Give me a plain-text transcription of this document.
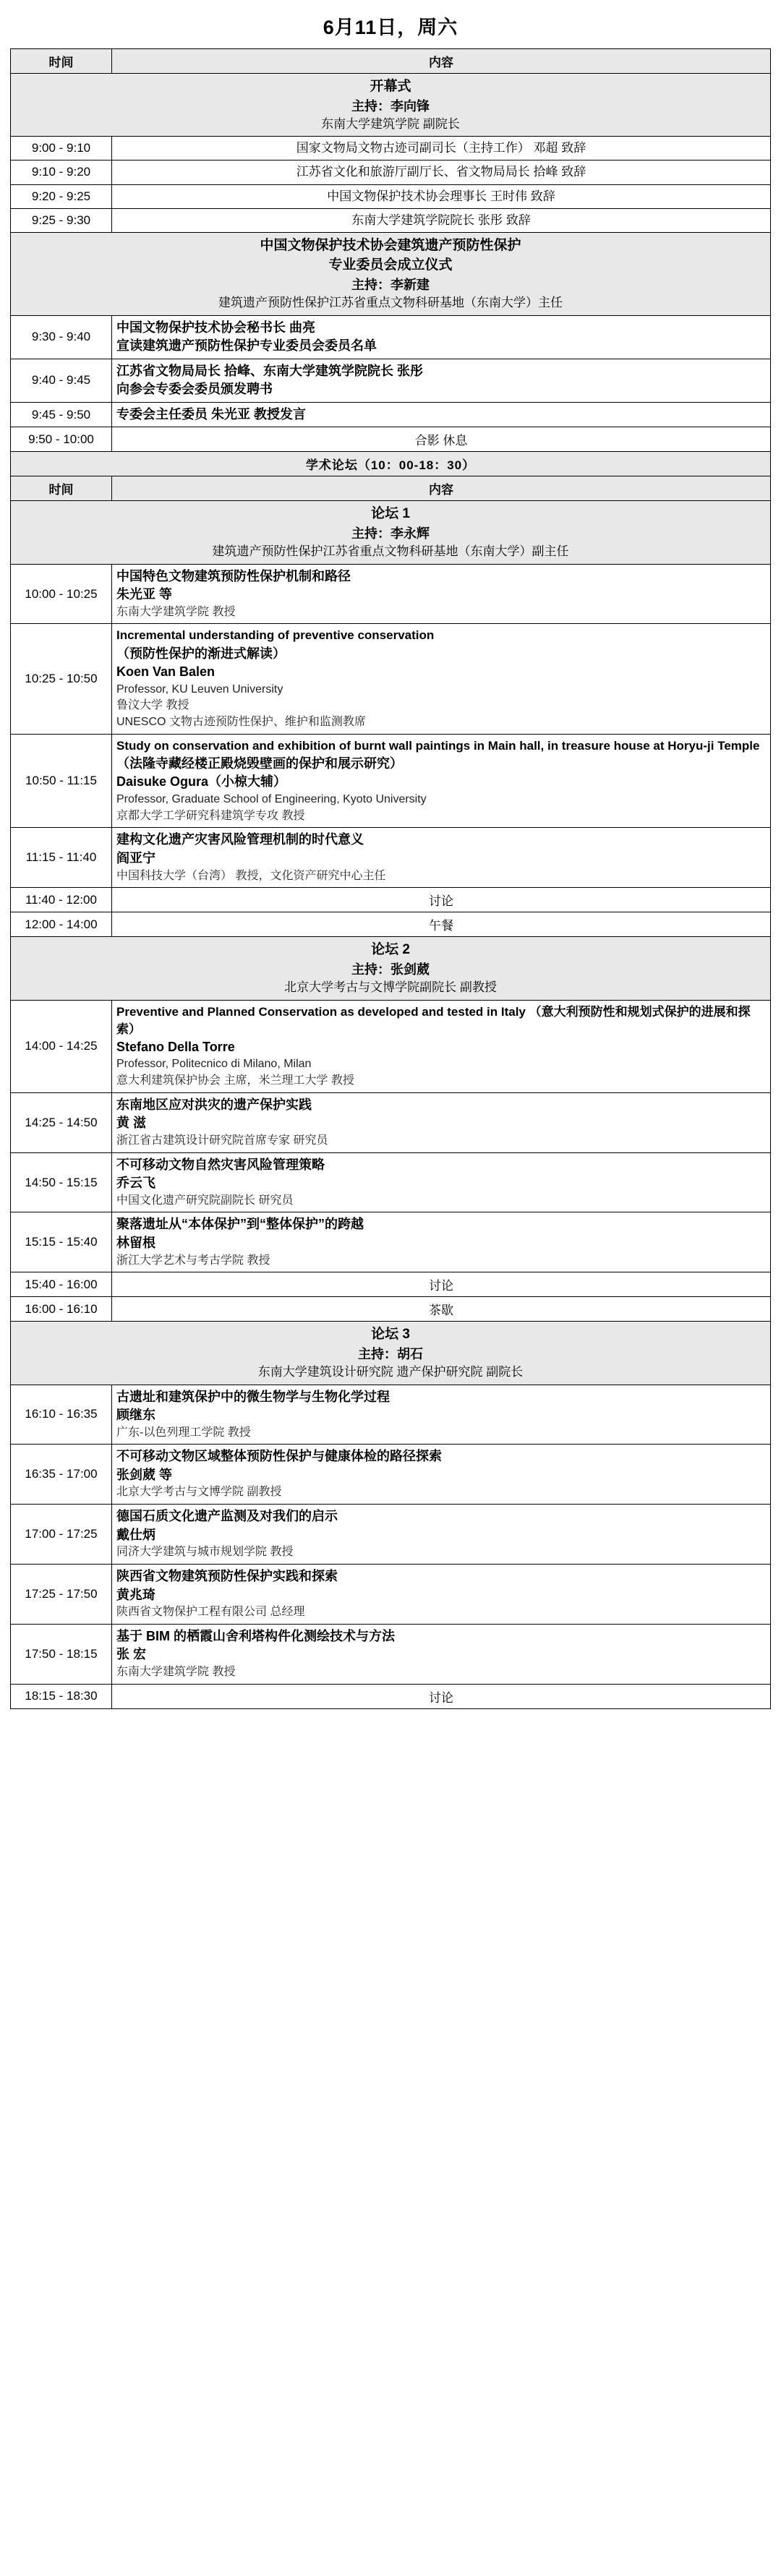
6月11日，周六
时间	内容

开幕式
主持：李向锋
东南大学建筑学院 副院长	

9:00 - 9:10	国家文物局文物古迹司副司长（主持工作） 邓超 致辞
9:10 - 9:20	江苏省文化和旅游厅副厅长、省文物局局长 拾峰 致辞
9:20 - 9:25	中国文物保护技术协会理事长 王时伟 致辞
9:25 - 9:30	东南大学建筑学院院长 张彤 致辞

中国文物保护技术协会建筑遗产预防性保护
专业委员会成立仪式
主持：李新建
建筑遗产预防性保护江苏省重点文物科研基地（东南大学）主任	

9:30 - 9:40	中国文物保护技术协会秘书长 曲亮
宣读建筑遗产预防性保护专业委员会委员名单

9:40 - 9:45	江苏省文物局局长 拾峰、东南大学建筑学院院长 张彤
向参会专委会委员颁发聘书

9:45 - 9:50	专委会主任委员 朱光亚 教授发言

9:50 - 10:00	合影 休息
学术论坛（10：00-18：30）	
时间	内容

论坛 1
主持：李永辉
建筑遗产预防性保护江苏省重点文物科研基地（东南大学）副主任	

10:00 - 10:25	中国特色文物建筑预防性保护机制和路径
朱光亚 等
东南大学建筑学院 教授

10:25 - 10:50	
Incremental understanding of preventive conservation
（预防性保护的渐进式解读）
Koen Van Balen
Professor, KU Leuven University
鲁汶大学 教授
UNESCO 文物古迹预防性保护、维护和监测教席

10:50 - 11:15	Study on conservation and exhibition of burnt wall paintings in Main hall, in treasure house at Horyu-ji Temple
（法隆寺藏经楼正殿烧毁壁画的保护和展示研究）
Daisuke Ogura（小椋大辅）
Professor, Graduate School of Engineering, Kyoto University
京都大学工学研究科建筑学专攻 教授

11:15 - 11:40	建构文化遗产灾害风险管理机制的时代意义
阎亚宁
中国科技大学（台湾） 教授，文化资产研究中心主任

11:40 - 12:00	讨论
12:00 - 14:00	午餐

论坛 2
主持：张剑葳
北京大学考古与文博学院副院长 副教授	

14:00 - 14:25	Preventive and Planned Conservation as developed and tested in Italy （意大利预防性和规划式保护的进展和探索）
Stefano Della Torre
Professor, Politecnico di Milano, Milan
意大利建筑保护协会 主席，米兰理工大学 教授

14:25 - 14:50	东南地区应对洪灾的遗产保护实践
黄 滋
浙江省古建筑设计研究院首席专家 研究员

14:50 - 15:15	不可移动文物自然灾害风险管理策略
乔云飞
中国文化遗产研究院副院长 研究员

15:15 - 15:40	聚落遗址从“本体保护”到“整体保护”的跨越
林留根
浙江大学艺术与考古学院 教授

15:40 - 16:00	讨论
16:00 - 16:10	茶歇

论坛 3
主持：胡石
东南大学建筑设计研究院 遗产保护研究院 副院长	

16:10 - 16:35	古遗址和建筑保护中的微生物学与生物化学过程
顾继东
广东-以色列理工学院 教授

16:35 - 17:00	不可移动文物区域整体预防性保护与健康体检的路径探索
张剑葳 等
北京大学考古与文博学院 副教授

17:00 - 17:25	德国石质文化遗产监测及对我们的启示
戴仕炳
同济大学建筑与城市规划学院 教授

17:25 - 17:50	陕西省文物建筑预防性保护实践和探索
黄兆琦
陕西省文物保护工程有限公司 总经理

17:50 - 18:15	基于 BIM 的栖霞山舍利塔构件化测绘技术与方法
张 宏
东南大学建筑学院 教授

18:15 - 18:30	讨论
